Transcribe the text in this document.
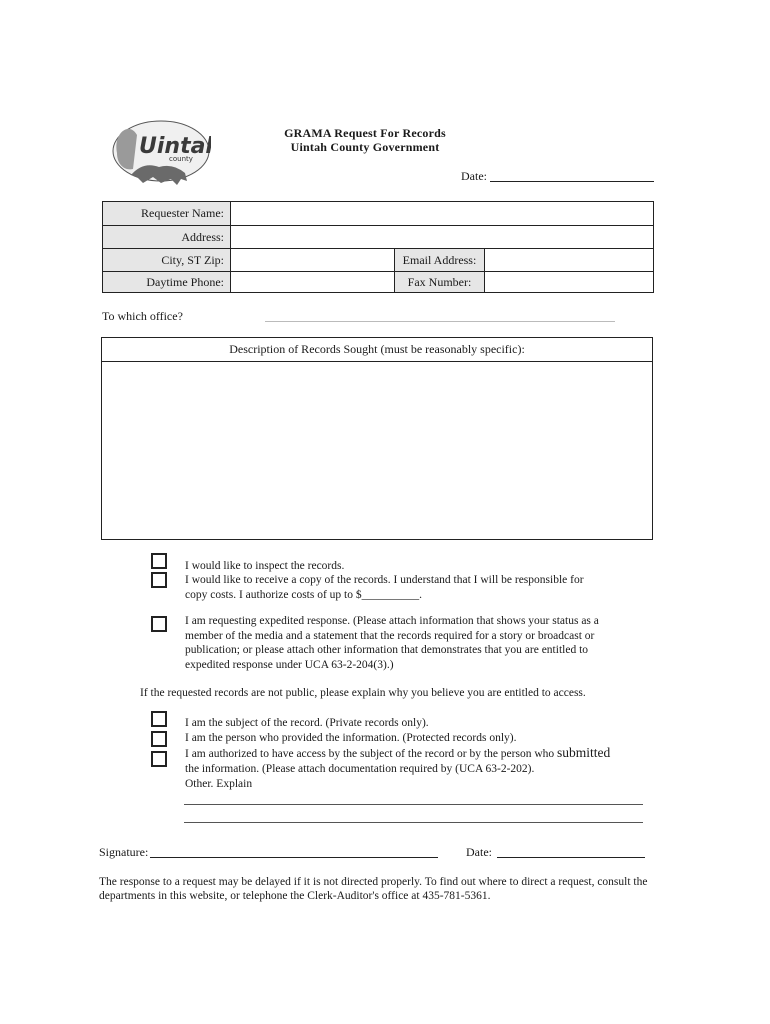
Uinta
county
GRAMA Request For Records
Uintah County Government
Date:
Requester Name:
Address:
City, ST Zip:	Email Address:
Daytime Phone:	Fax Number:
To which office?
Description of Records Sought (must be reasonably specific):
I would like to inspect the records.
I would like to receive a copy of the records. I understand that I will be responsible for copy costs. I authorize costs of up to $__________.
I am requesting expedited response. (Please attach information that shows your status as a member of the media and a statement that the records required for a story or broadcast or publication; or please attach other information that demonstrates that you are entitled to expedited response under UCA 63-2-204(3).)
If the requested records are not public, please explain why you believe you are entitled to access.
I am the subject of the record. (Private records only).
I am the person who provided the information. (Protected records only).
I am authorized to have access by the subject of the record or by the person who submitted
the information. (Please attach documentation required by (UCA 63-2-202).
Other. Explain
Signature:	Date:
The response to a request may be delayed if it is not directed properly. To find out where to direct a request, consult the departments in this website, or telephone the Clerk-Auditor's office at 435-781-5361.
